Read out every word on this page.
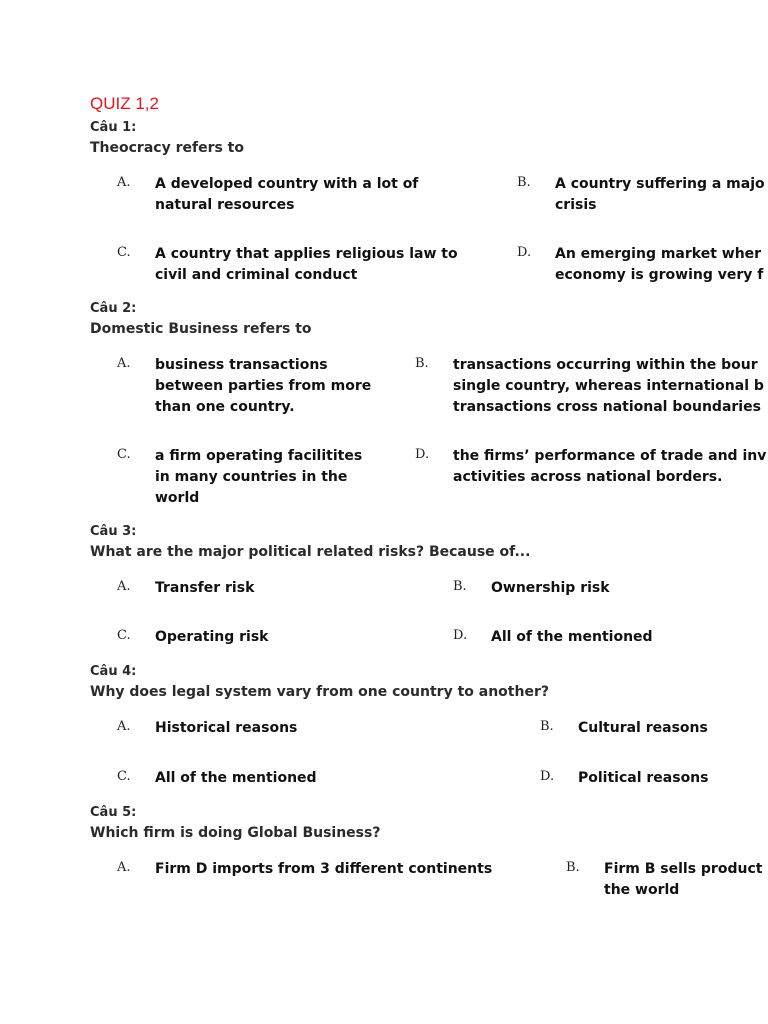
QUIZ 1,2
Câu 1:
Theocracy refers to
A. A developed country with a lot of
natural resources
B. A country suffering a majo
crisis
C. A country that applies religious law to
civil and criminal conduct
D. An emerging market wher
economy is growing very f
Câu 2:
Domestic Business refers to
A. business transactions
between parties from more
than one country.
B. transactions occurring within the bour
single country, whereas international b
transactions cross national boundaries
C. a firm operating facilitites
in many countries in the
world
D. the firms’ performance of trade and inv
activities across national borders.
Câu 3:
What are the major political related risks? Because of...
A. Transfer risk	B. Ownership risk
C. Operating risk	D. All of the mentioned
Câu 4:
Why does legal system vary from one country to another?
A. Historical reasons	B. Cultural reasons
C. All of the mentioned	D. Political reasons
Câu 5:
Which firm is doing Global Business?
A. Firm D imports from 3 different continents	B. Firm B sells product
the world
